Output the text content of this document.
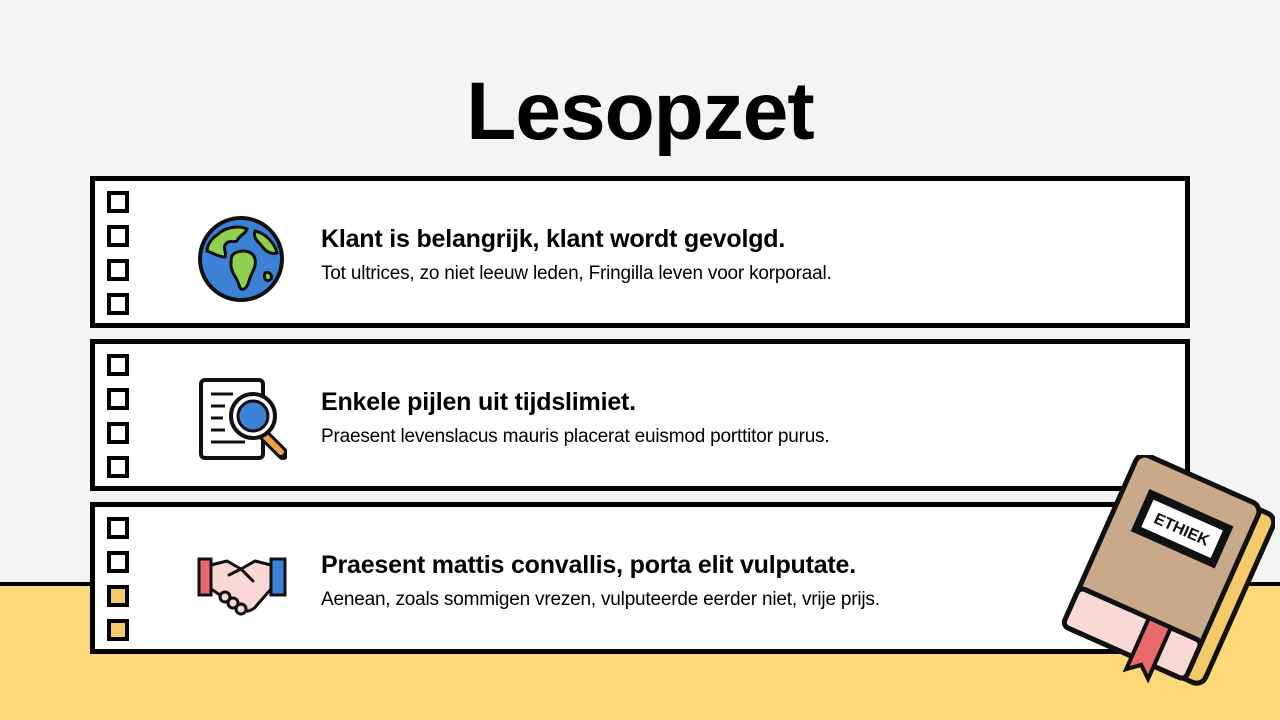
Lesopzet
Klant is belangrijk, klant wordt gevolgd.
Tot ultrices, zo niet leeuw leden, Fringilla leven voor korporaal.
Enkele pijlen uit tijdslimiet.
Praesent levenslacus mauris placerat euismod porttitor purus.
Praesent mattis convallis, porta elit vulputate.
Aenean, zoals sommigen vrezen, vulputeerde eerder niet, vrije prijs.
ETHIEK
